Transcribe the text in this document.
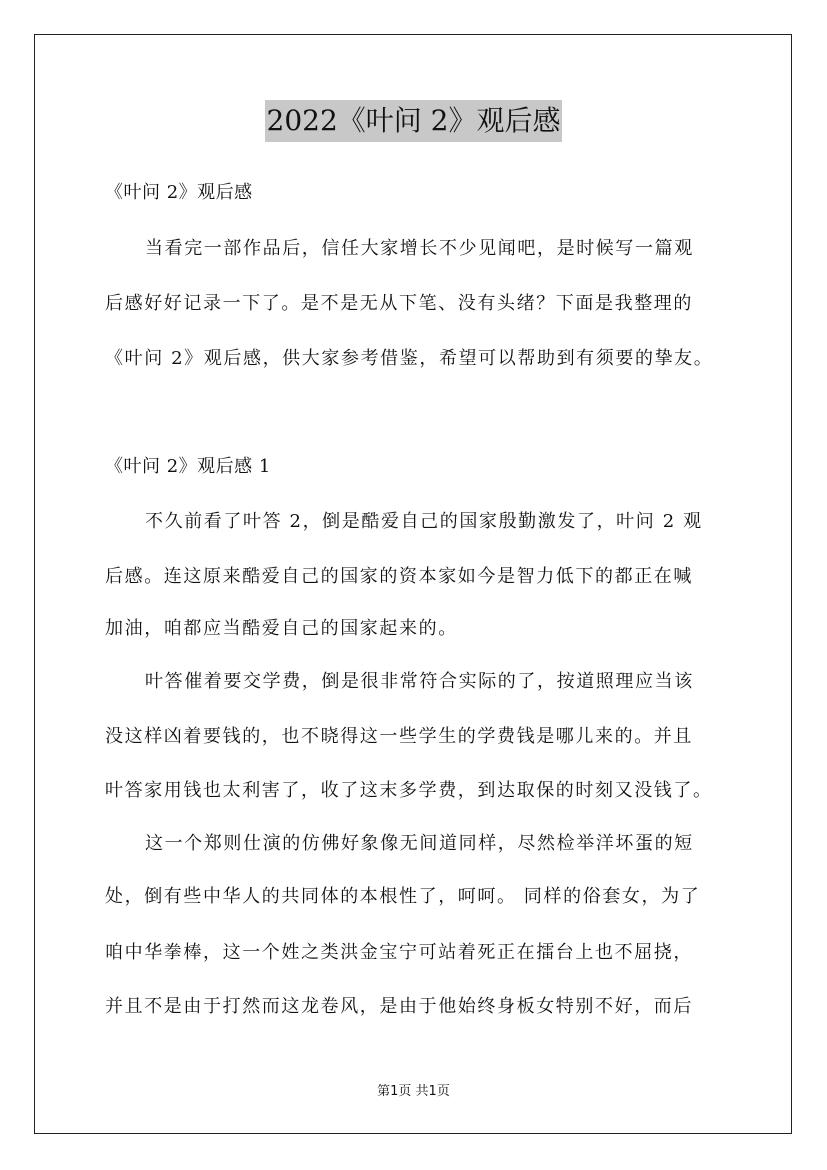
2022《叶问 2》观后感
《叶问 2》观后感
当看完一部作品后，信任大家增长不少见闻吧，是时候写一篇观
后感好好记录一下了。是不是无从下笔、没有头绪？下面是我整理的
《叶问 2》观后感，供大家参考借鉴，希望可以帮助到有须要的挚友。
《叶问 2》观后感 1
不久前看了叶答 2，倒是酷爱自己的国家殷勤激发了，叶问 2 观
后感。连这原来酷爱自己的国家的资本家如今是智力低下的都正在喊
加油，咱都应当酷爱自己的国家起来的。
叶答催着要交学费，倒是很非常符合实际的了，按道照理应当该
没这样凶着要钱的，也不晓得这一些学生的学费钱是哪儿来的。并且
叶答家用钱也太利害了，收了这末多学费，到达取保的时刻又没钱了。
这一个郑则仕演的仿佛好象像无间道同样，尽然检举洋坏蛋的短
处，倒有些中华人的共同体的本根性了，呵呵。 同样的俗套女，为了
咱中华拳棒，这一个姓之类洪金宝宁可站着死正在擂台上也不屈挠，
并且不是由于打然而这龙卷风，是由于他始终身板女特别不好，而后
第1页 共1页
